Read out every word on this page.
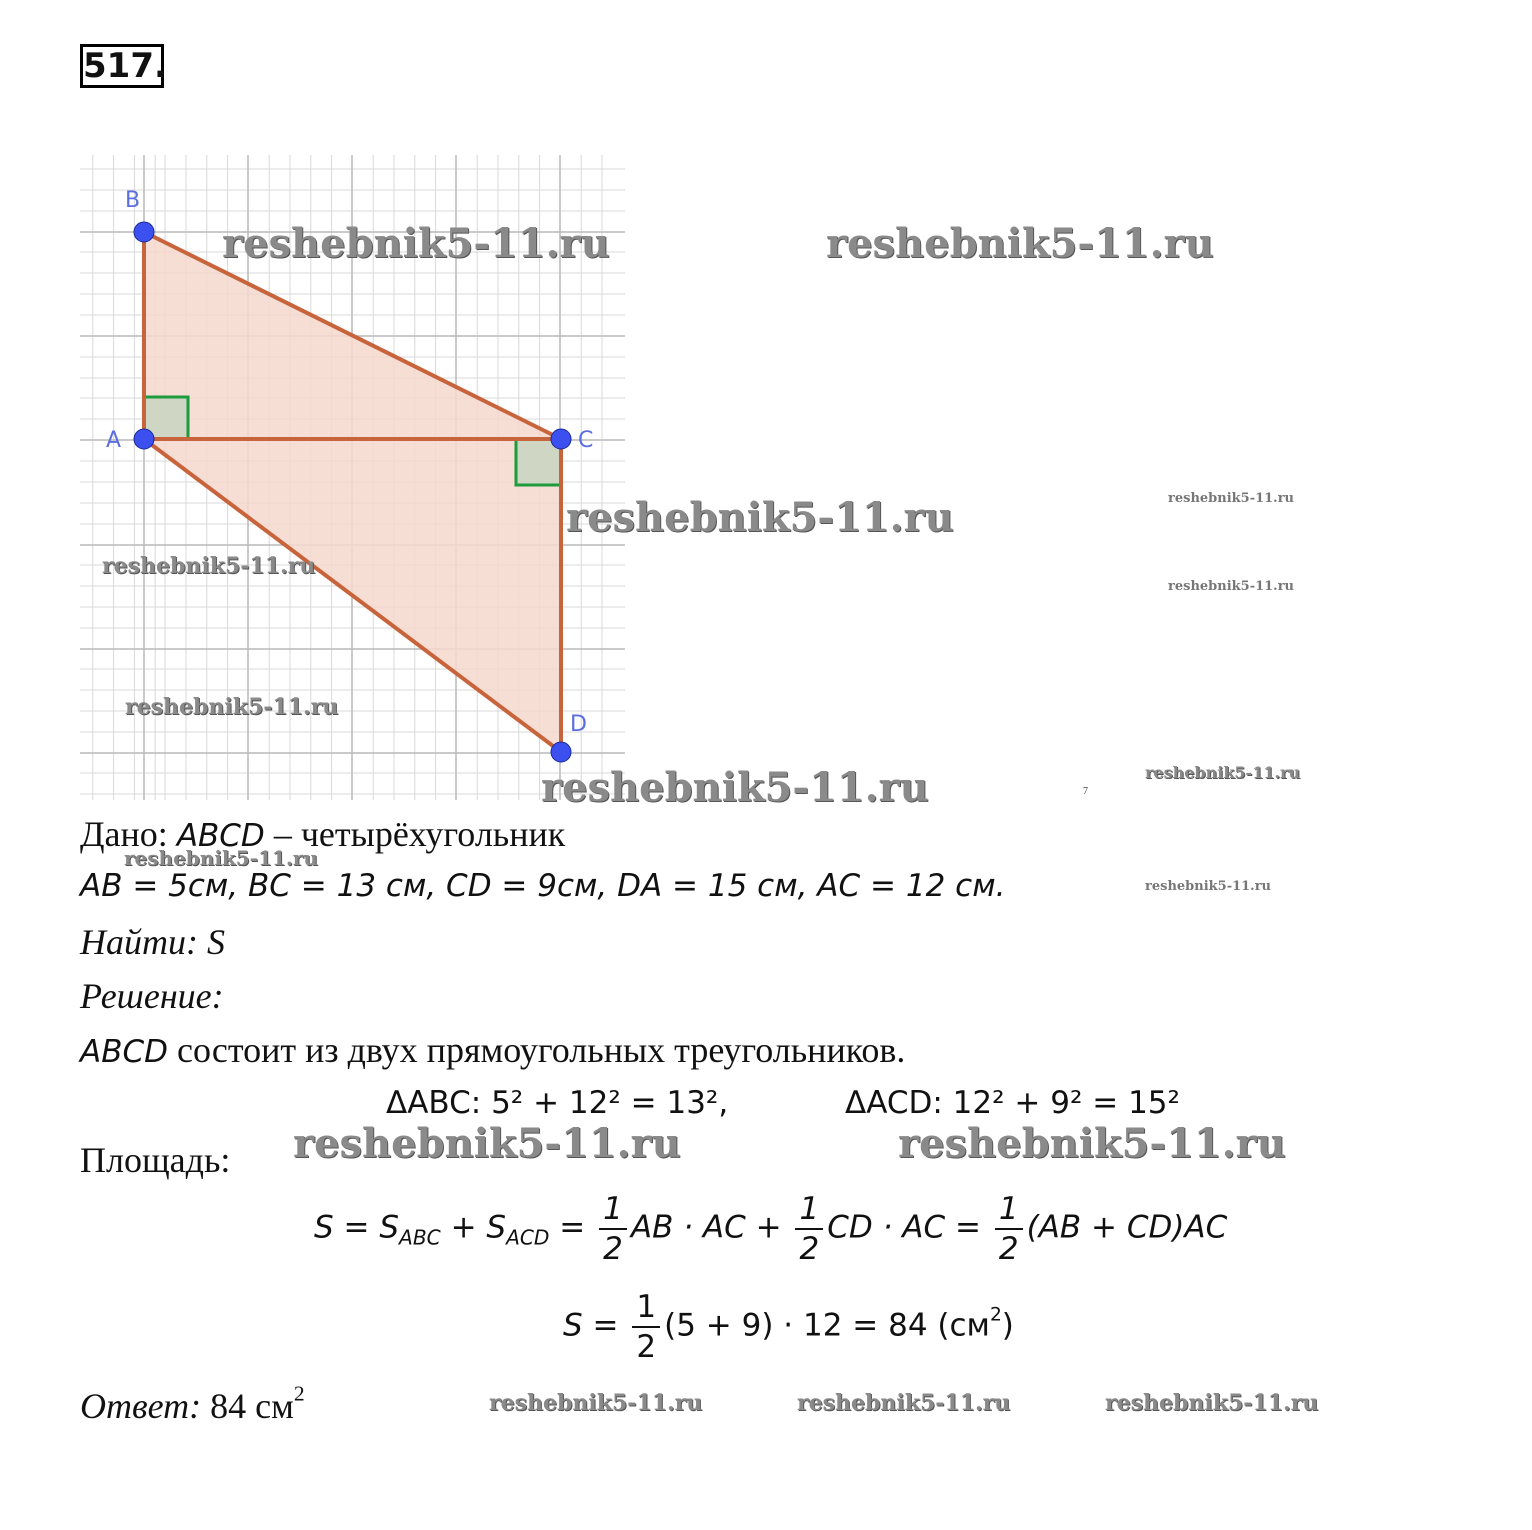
517.
B
A	C
D
reshebnik5-11.ru	reshebnik5-11.ru
reshebnik5-11.ru
reshebnik5-11.ru
reshebnik5-11.ru	reshebnik5-11.ru
reshebnik5-11.ru
reshebnik5-11.ru
reshebnik5-11.ru
reshebnik5-11.ru	reshebnik5-11.ru	reshebnik5-11.ru
reshebnik5-11.ru
reshebnik5-11.ru
reshebnik5-11.ru
reshebnik5-11.ru
7
Дано: ABCD – четырёхугольник
AB = 5см, BC = 13 см, CD = 9см, DA = 15 см, AC = 12 см.
Найти: S
Решение:
ABCD состоит из двух прямоугольных треугольников.
ΔABC: 5² + 12² = 13²,	ΔACD: 12² + 9² = 15²
Площадь:
$S = S_{ABC} + S_{ACD} = \frac{1}{2}$ AB · AC + $\frac{1}{2}$ CD · AC = $\frac{1}{2} (AB + CD)AC$
$S = \frac{1}{2} (5 + 9) \cdot 12 = 84$ $(см^2)$
Ответ: 84 $см^2$
